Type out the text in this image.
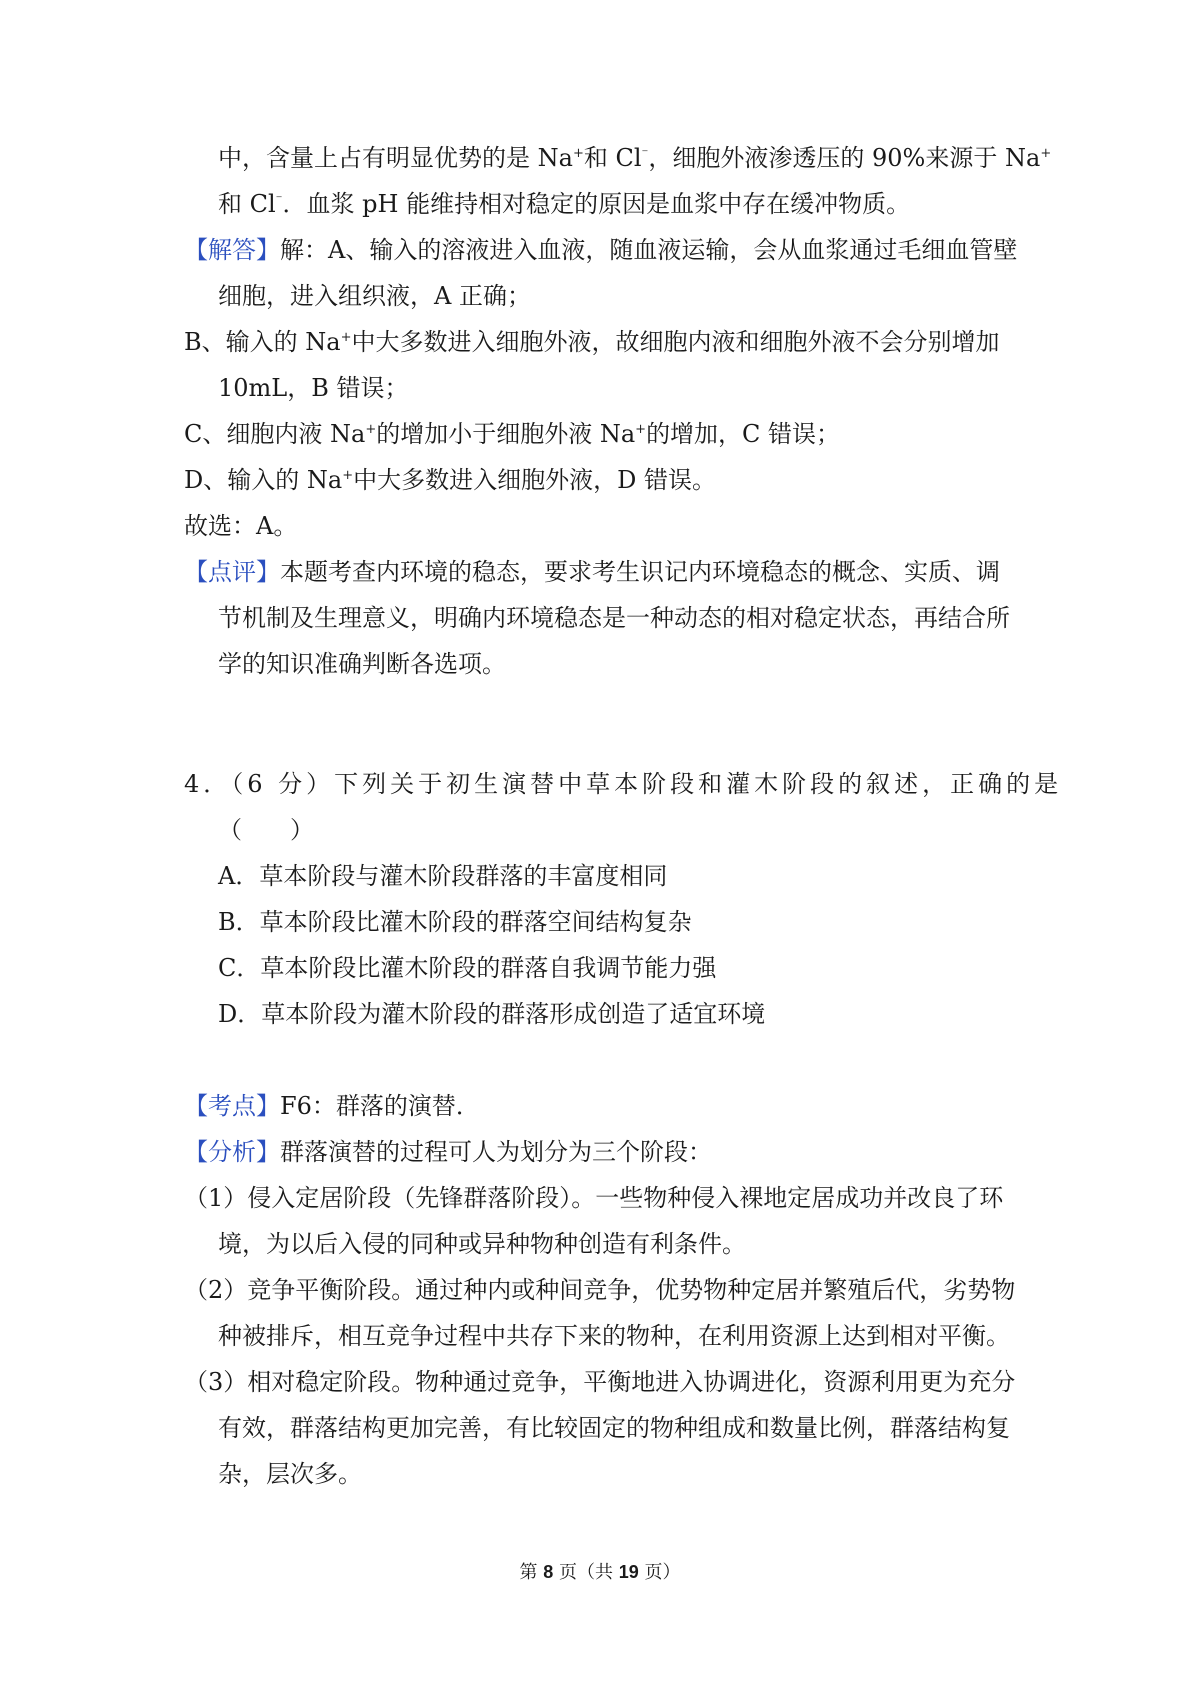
中，含量上占有明显优势的是 Na+和 Cl⁻，细胞外液渗透压的 90%来源于 Na+
和 Cl⁻．血浆 pH 能维持相对稳定的原因是血浆中存在缓冲物质。
【解答】解：A、输入的溶液进入血液，随血液运输，会从血浆通过毛细血管壁
细胞，进入组织液，A 正确；
B、输入的 Na+中大多数进入细胞外液，故细胞内液和细胞外液不会分别增加
10mL，B 错误；
C、细胞内液 Na+的增加小于细胞外液 Na+的增加，C 错误；
D、输入的 Na+中大多数进入细胞外液，D 错误。
故选：A。
【点评】本题考查内环境的稳态，要求考生识记内环境稳态的概念、实质、调
节机制及生理意义，明确内环境稳态是一种动态的相对稳定状态，再结合所
学的知识准确判断各选项。
4．（6 分）下列关于初生演替中草本阶段和灌木阶段的叙述，正确的是
（　　）
A．草本阶段与灌木阶段群落的丰富度相同
B．草本阶段比灌木阶段的群落空间结构复杂
C．草本阶段比灌木阶段的群落自我调节能力强
D．草本阶段为灌木阶段的群落形成创造了适宜环境
【考点】F6：群落的演替．
【分析】群落演替的过程可人为划分为三个阶段：
（1）侵入定居阶段（先锋群落阶段）。一些物种侵入裸地定居成功并改良了环
境，为以后入侵的同种或异种物种创造有利条件。
（2）竞争平衡阶段。通过种内或种间竞争，优势物种定居并繁殖后代，劣势物
种被排斥，相互竞争过程中共存下来的物种，在利用资源上达到相对平衡。
（3）相对稳定阶段。物种通过竞争，平衡地进入协调进化，资源利用更为充分
有效，群落结构更加完善，有比较固定的物种组成和数量比例，群落结构复
杂，层次多。
第 8 页（共 19 页）
